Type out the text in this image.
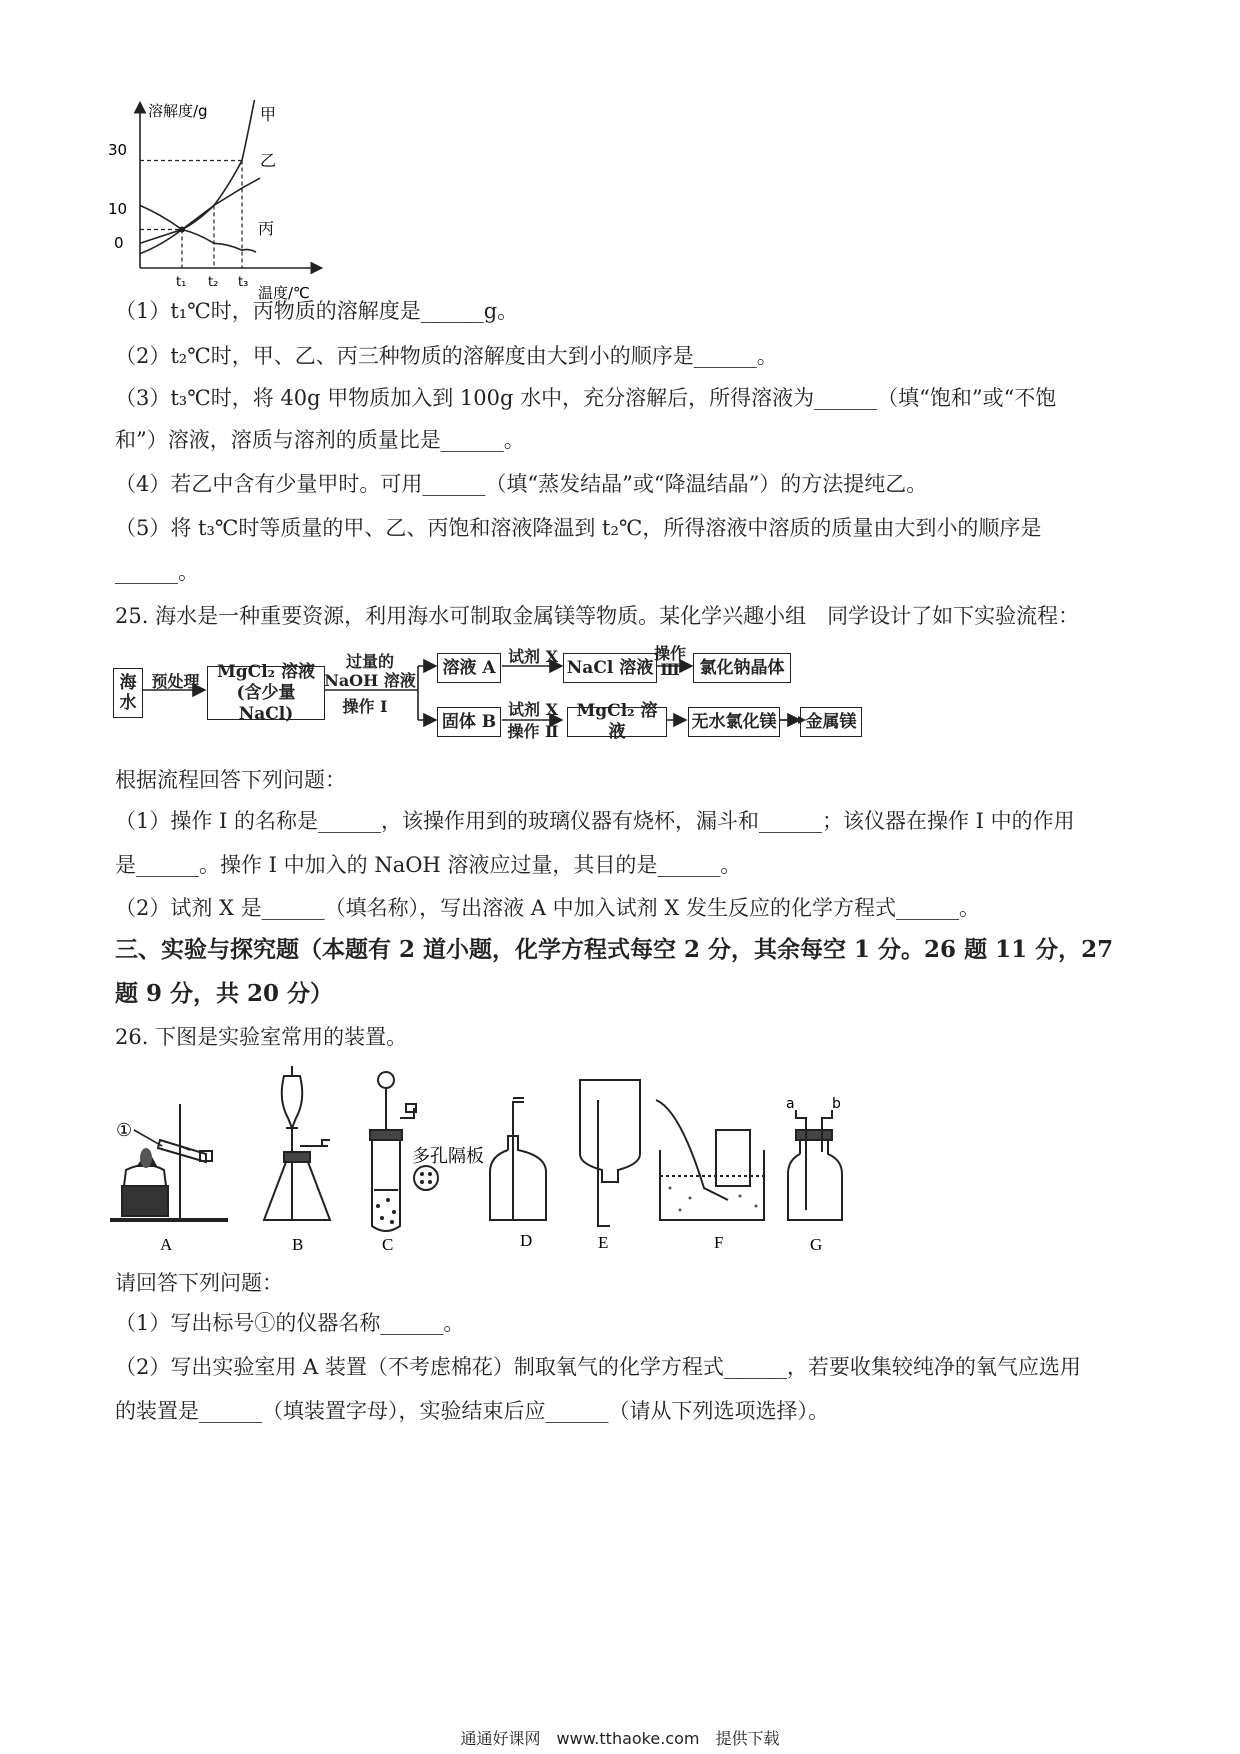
溶解度/g
温度/℃
30
10
0
t₁ t₂ t₃
甲
乙
丙
（1）t₁℃时，丙物质的溶解度是______g。
（2）t₂℃时，甲、乙、丙三种物质的溶解度由大到小的顺序是______。
（3）t₃℃时，将 40g 甲物质加入到 100g 水中，充分溶解后，所得溶液为______（填“饱和”或“不饱
和”）溶液，溶质与溶剂的质量比是______。
（4）若乙中含有少量甲时。可用______（填“蒸发结晶”或“降温结晶”）的方法提纯乙。
（5）将 t₃℃时等质量的甲、乙、丙饱和溶液降温到 t₂℃，所得溶液中溶质的质量由大到小的顺序是
______。
25. 海水是一种重要资源，利用海水可制取金属镁等物质。某化学兴趣小组　同学设计了如下实验流程：
海
水
预处理	MgCl₂ 溶液
(含少量 NaCl)
过量的
NaOH 溶液
操作 I
溶液 A
试剂 X
NaCl 溶液
操作
Ⅲ	氯化钠晶体
固体 B
试剂 X
操作 Ⅱ
MgCl₂ 溶液
无水氯化镁	金属镁
根据流程回答下列问题：
（1）操作 I 的名称是______，该操作用到的玻璃仪器有烧杯，漏斗和______；该仪器在操作 I 中的作用
是______。操作 I 中加入的 NaOH 溶液应过量，其目的是______。
（2）试剂 X 是______（填名称），写出溶液 A 中加入试剂 X 发生反应的化学方程式______。
三、实验与探究题（本题有 2 道小题，化学方程式每空 2 分，其余每空 1 分。26 题 11 分，27
题 9 分，共 20 分）
26. 下图是实验室常用的装置。
①
多孔隔板
a	b
A	B	C	D	E	F	G
请回答下列问题：
（1）写出标号①的仪器名称______。
（2）写出实验室用 A 装置（不考虑棉花）制取氧气的化学方程式______，若要收集较纯净的氧气应选用
的装置是______（填装置字母），实验结束后应______（请从下列选项选择）。
通通好课网　www.tthaoke.com　提供下载
